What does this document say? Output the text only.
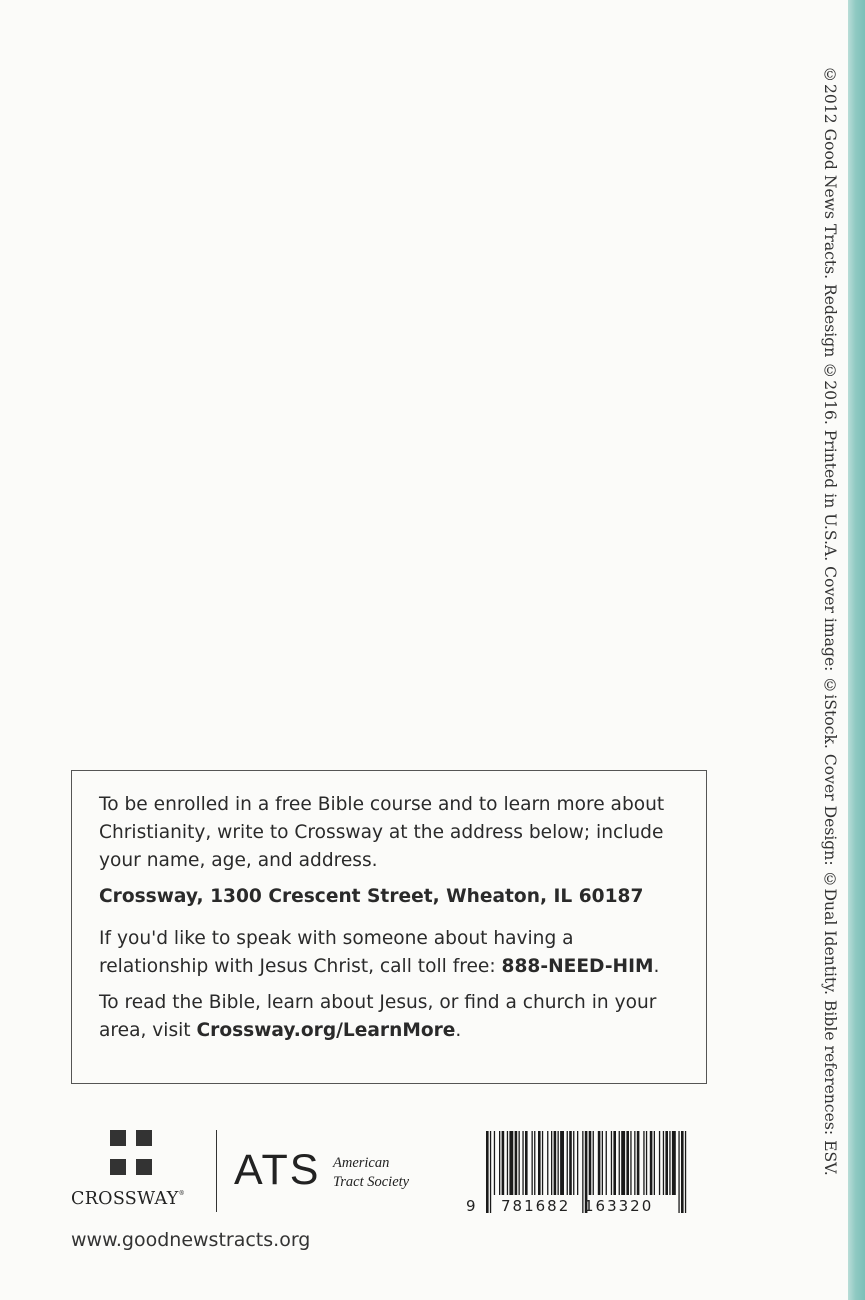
©2012 Good News Tracts. Redesign ©2016. Printed in U.S.A. Cover image: ©iStock. Cover Design: ©Dual Identity. Bible references: ESV.

To be enrolled in a free Bible course and to learn more about Christianity, write to Crossway at the address below; include your name, age, and address.

Crossway, 1300 Crescent Street, Wheaton, IL 60187

If you'd like to speak with someone about having a relationship with Jesus Christ, call toll free: 888-NEED-HIM.

To read the Bible, learn about Jesus, or find a church in your area, visit Crossway.org/LearnMore.

CROSSWAY® ATS American
Tract Society
9 781682 163320
www.goodnewstracts.org
